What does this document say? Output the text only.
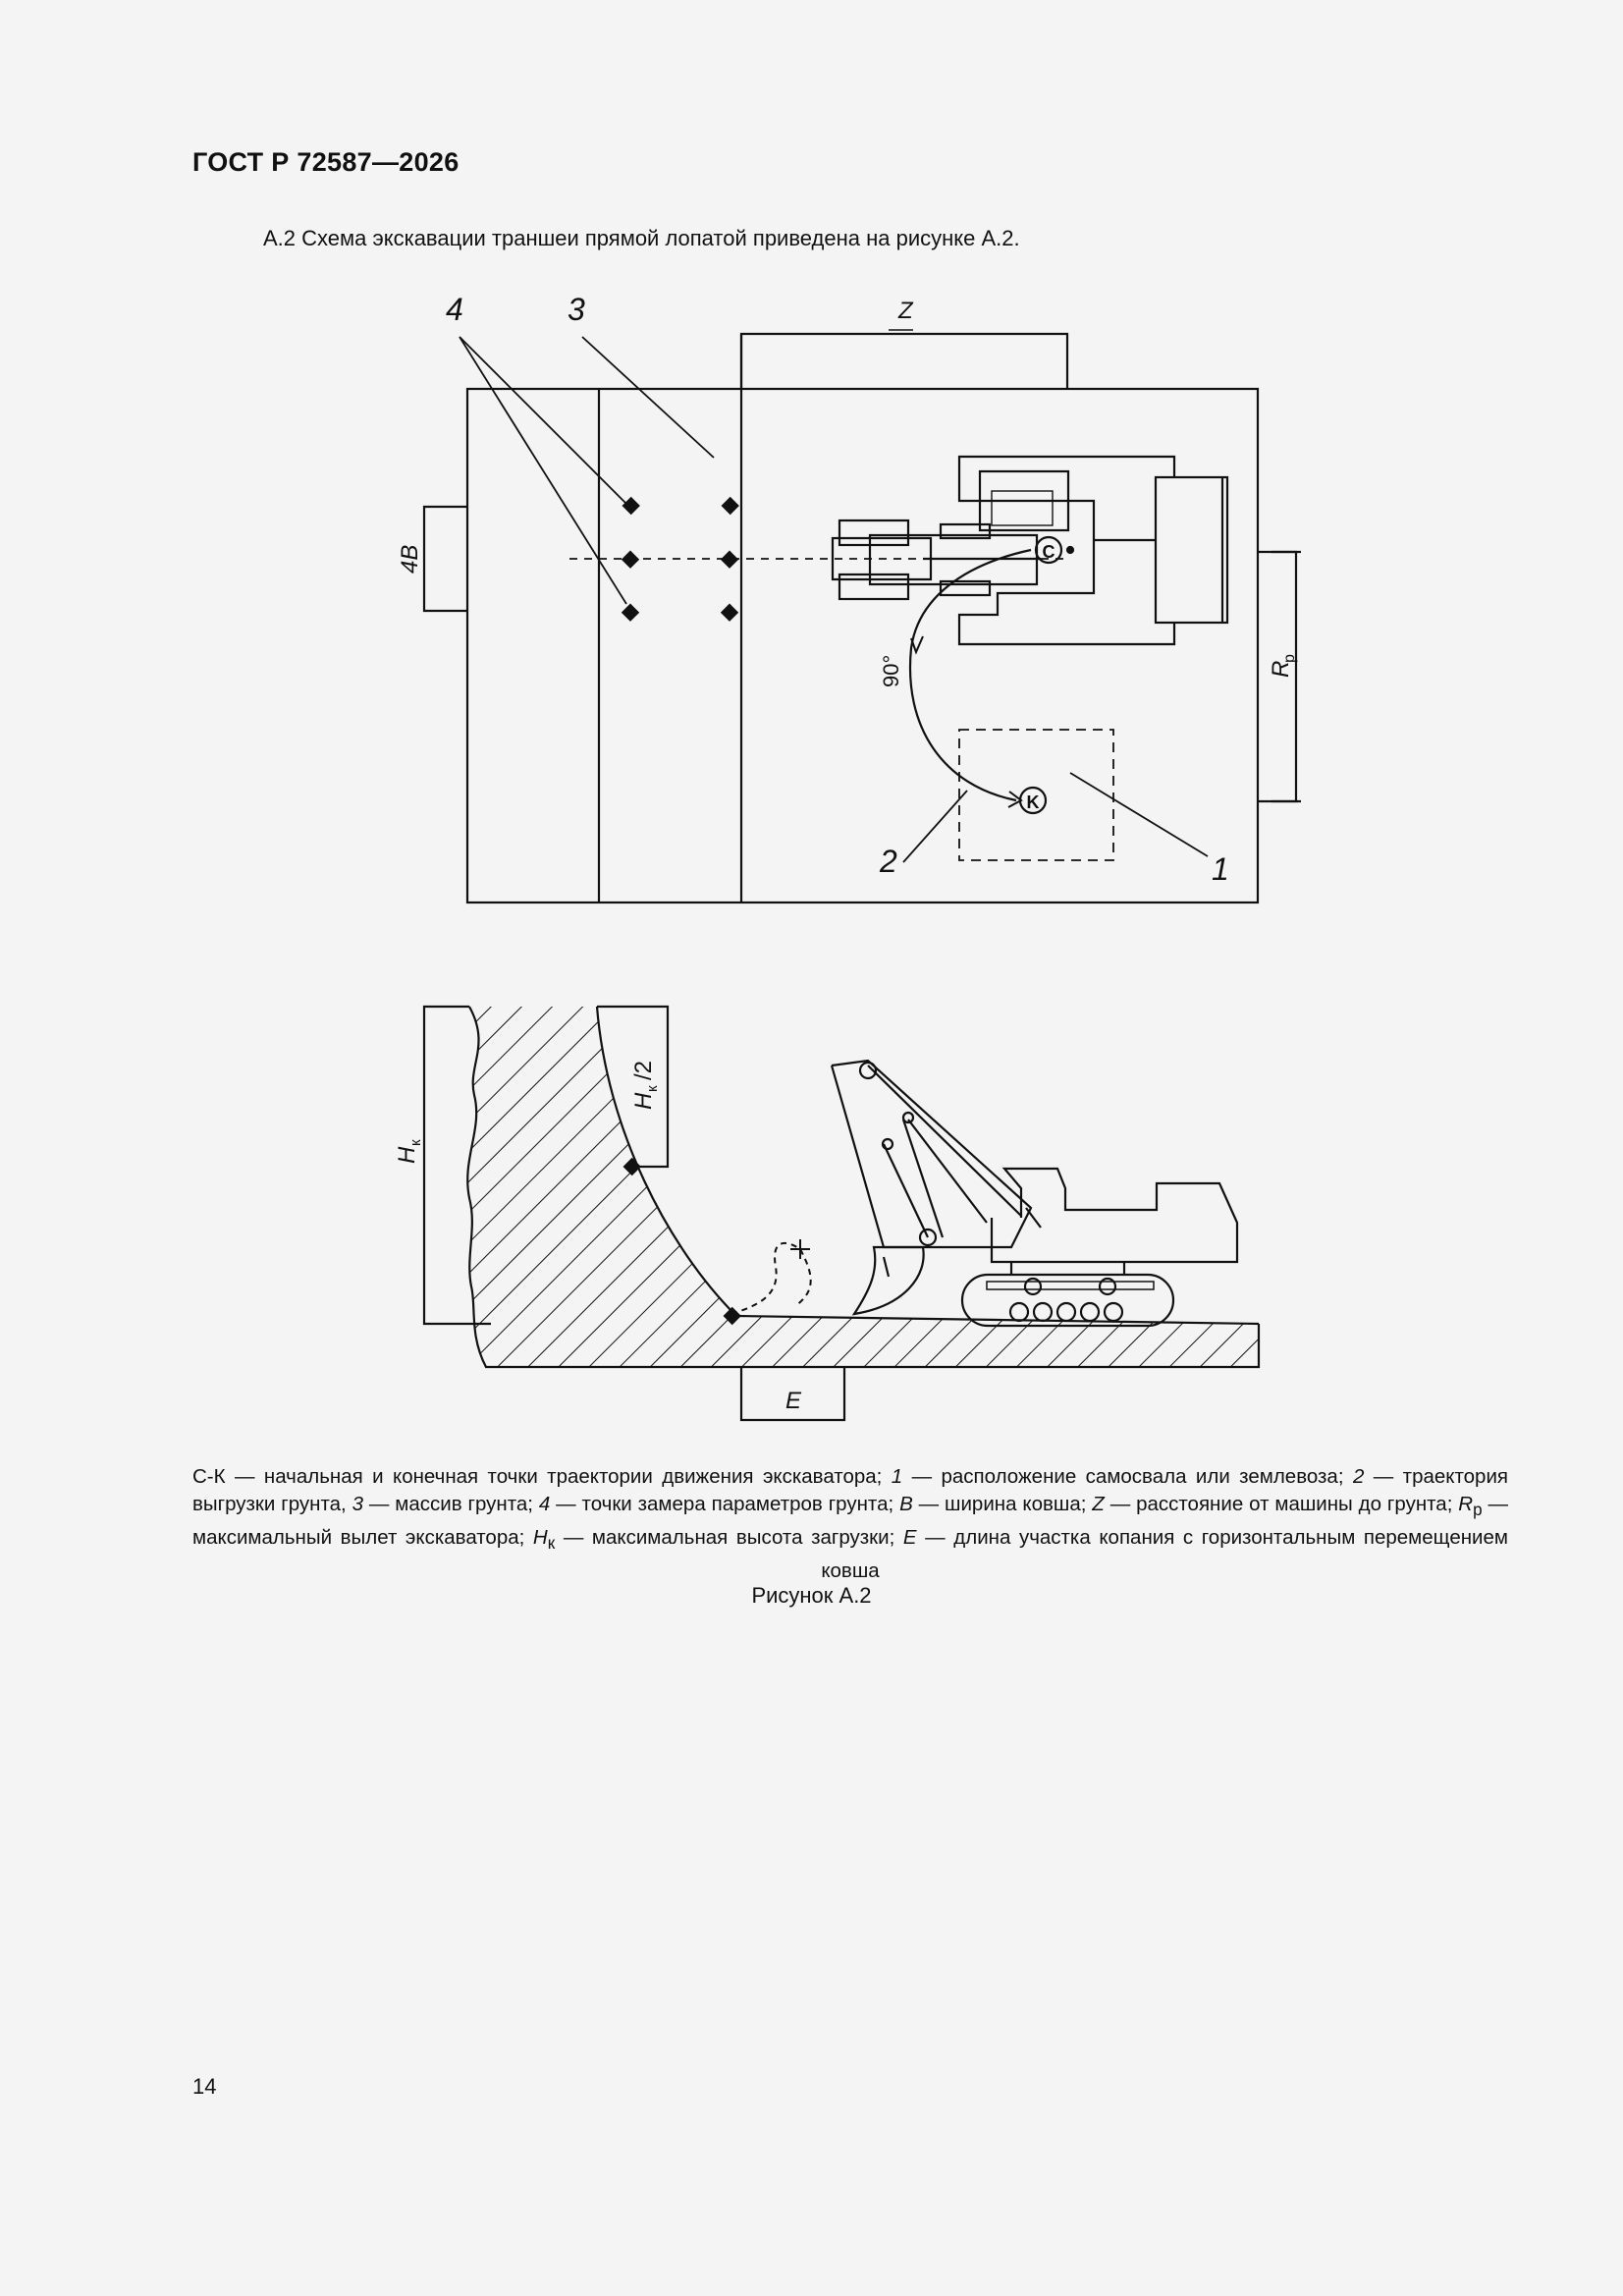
ГОСТ Р 72587—2026
А.2 Схема экскавации траншеи прямой лопатой приведена на рисунке А.2.
4	3	Z
4B
90°	R
р
C
K
2	1
H
к
H
к
/2
E
С-К — начальная и конечная точки траектории движения экскаватора; 1 — расположение самосвала или землевоза; 2 — траектория выгрузки грунта, 3 — массив грунта; 4 — точки замера параметров грунта; B — ширина ковша; Z — расстояние от машины до грунта; $R_р$ — максимальный вылет экскаватора; $H_к$ — максимальная высота загрузки; E — длина участка копания с горизонтальным перемещением ковша
Рисунок А.2
14
